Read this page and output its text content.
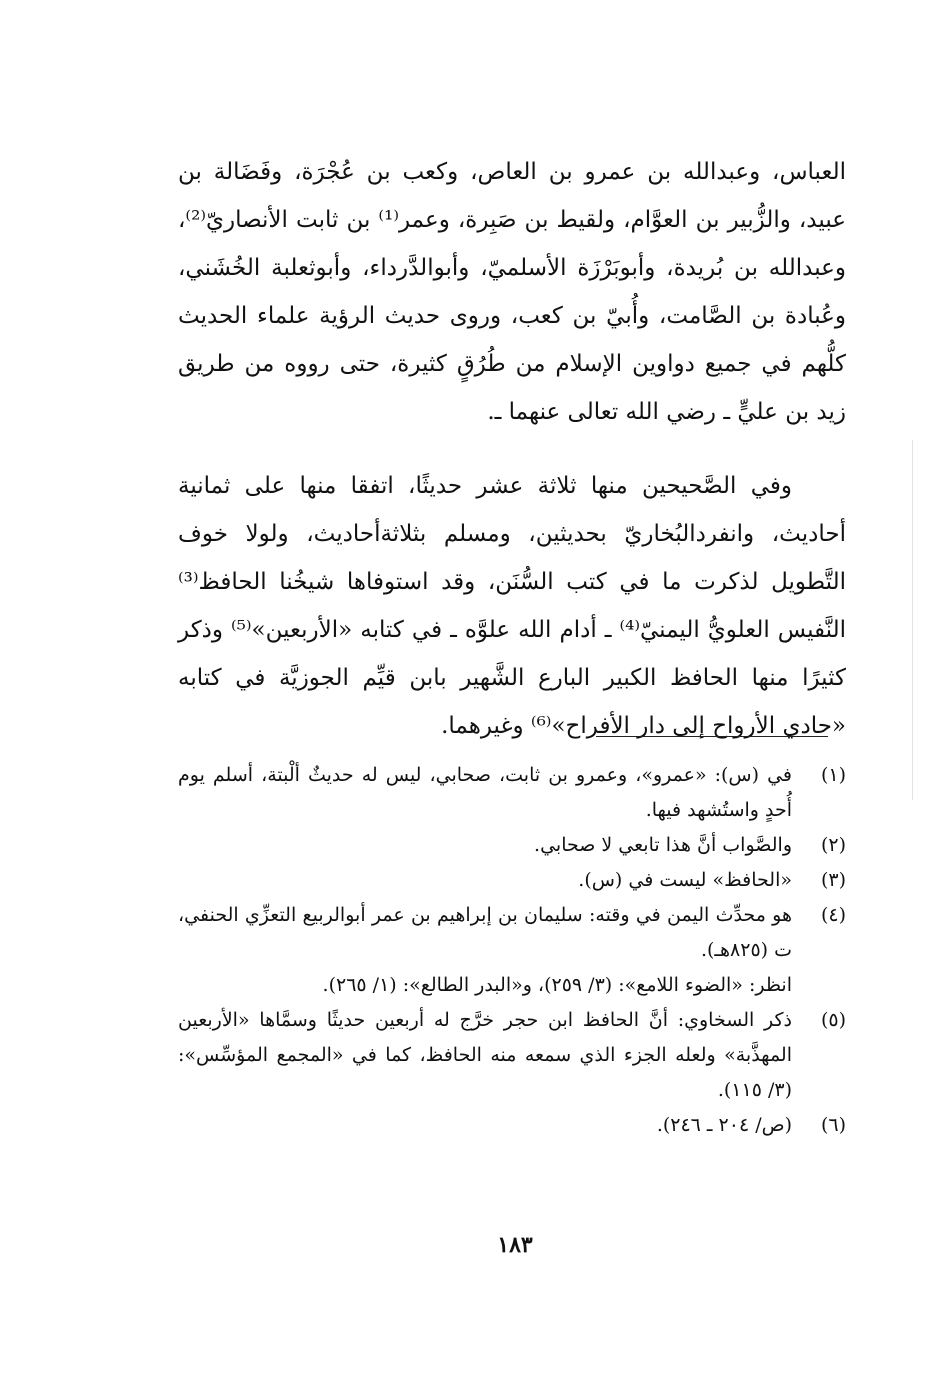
العباس، وعبدالله بن عمرو بن العاص، وكعب بن عُجْرَة، وفَضَالة بن عبيد، والزُّبير بن العوَّام، ولقيط بن صَبِرة، وعمر⁽¹⁾ بن ثابت الأنصاريّ⁽²⁾، وعبدالله بن بُريدة، وأبوبَرْزَة الأسلميّ، وأبوالدَّرداء، وأبوثعلبة الخُشَني، وعُبادة بن الصَّامت، وأُبيّ بن كعب، وروى حديث الرؤية علماء الحديث كلُّهم في جميع دواوين الإسلام من طُرُقٍ كثيرة، حتى رووه من طريق زيد بن عليٍّ ـ رضي الله تعالى عنهما ـ.

وفي الصَّحيحين منها ثلاثة عشر حديثًا، اتفقا منها على ثمانية أحاديث، وانفردالبُخاريّ بحديثين، ومسلم بثلاثةأحاديث، ولولا خوف التَّطويل لذكرت ما في كتب السُّنَن، وقد استوفاها شيخُنا الحافظ⁽³⁾ النَّفيس العلويُّ اليمنيّ⁽⁴⁾ ـ أدام الله علوَّه ـ في كتابه «الأربعين»⁽⁵⁾ وذكر كثيرًا منها الحافظ الكبير البارع الشَّهير بابن قيِّم الجوزيَّة في كتابه «حادي الأرواح إلى دار الأفراح»⁽⁶⁾ وغيرهما.

(١)

في (س): «عمرو»، وعمرو بن ثابت، صحابي، ليس له حديثٌ ألْبتة، أسلم يوم أُحدٍ واستُشهد فيها.

(٢)

والصَّواب أنَّ هذا تابعي لا صحابي.

(٣)

«الحافظ» ليست في (س).

(٤)

هو محدِّث اليمن في وقته: سليمان بن إبراهيم بن عمر أبوالربيع التعزِّي الحنفي، ت (٨٢٥هـ).

انظر: «الضوء اللامع»: (٣/ ٢٥٩)، و«البدر الطالع»: (١/ ٢٦٥).

(٥)

ذكر السخاوي: أنَّ الحافظ ابن حجر خرَّج له أربعين حديثًا وسمَّاها «الأربعين المهذَّبة» ولعله الجزء الذي سمعه منه الحافظ، كما في «المجمع المؤسِّس»: (٣/ ١١٥).

(٦)

(ص/ ٢٠٤ ـ ٢٤٦).

١٨٣
